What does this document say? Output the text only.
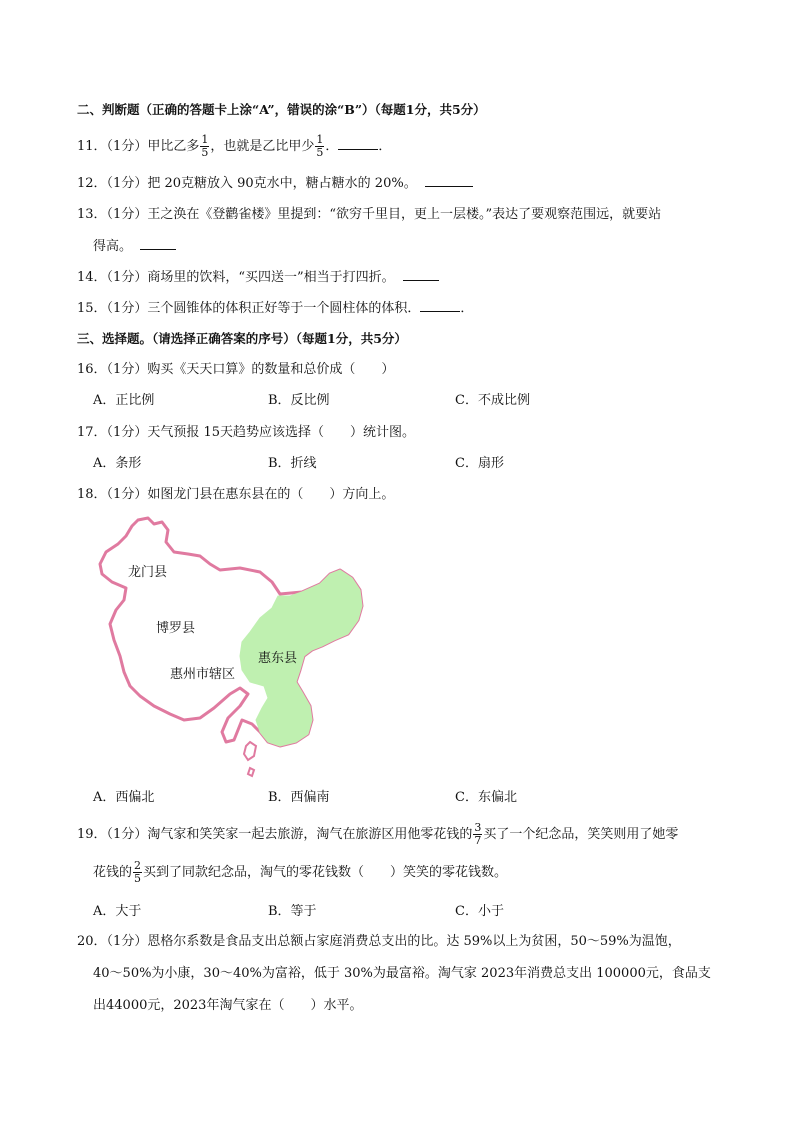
二、判断题（正确的答题卡上涂“A”，错误的涂“B”）（每题1分，共5分）
11．（1分）甲比乙多 $\frac{1}{5}$ ，也就是乙比甲少 $\frac{1}{5}$ ．	．
12．（1分）把 20克糖放入 90克水中，糖占糖水的 20%。
13．（1分）王之涣在《登鹳雀楼》里提到：“欲穷千里目，更上一层楼。”表达了要观察范围远，就要站
得高。
14．（1分）商场里的饮料，“买四送一”相当于打四折。
15．（1分）三个圆锥体的体积正好等于一个圆柱体的体积．	．
三、选择题。（请选择正确答案的序号）（每题1分，共5分）
16．（1分）购买《天天口算》的数量和总价成（　　）
A．正比例	B．反比例	C．不成比例
17．（1分）天气预报 15天趋势应该选择（　　）统计图。
A．条形	B．折线	C．扇形
18．（1分）如图龙门县在惠东县在的（　　）方向上。
龙门县
博罗县
惠州市辖区
惠东县
A．西偏北	B．西偏南	C．东偏北
19．（1分）淘气家和笑笑家一起去旅游，淘气在旅游区用他零花钱的 $\frac{3}{7}$ 买了一个纪念品，笑笑则用了她零
花钱的 $\frac{2}{5}$ 买到了同款纪念品，淘气的零花钱数（　　）笑笑的零花钱数。
A．大于	B．等于	C．小于
20．（1分）恩格尔系数是食品支出总额占家庭消费总支出的比。达 59%以上为贫困，50～59%为温饱，
40～50%为小康，30～40%为富裕，低于 30%为最富裕。淘气家 2023年消费总支出 100000元，食品支
出44000元，2023年淘气家在（　　）水平。
